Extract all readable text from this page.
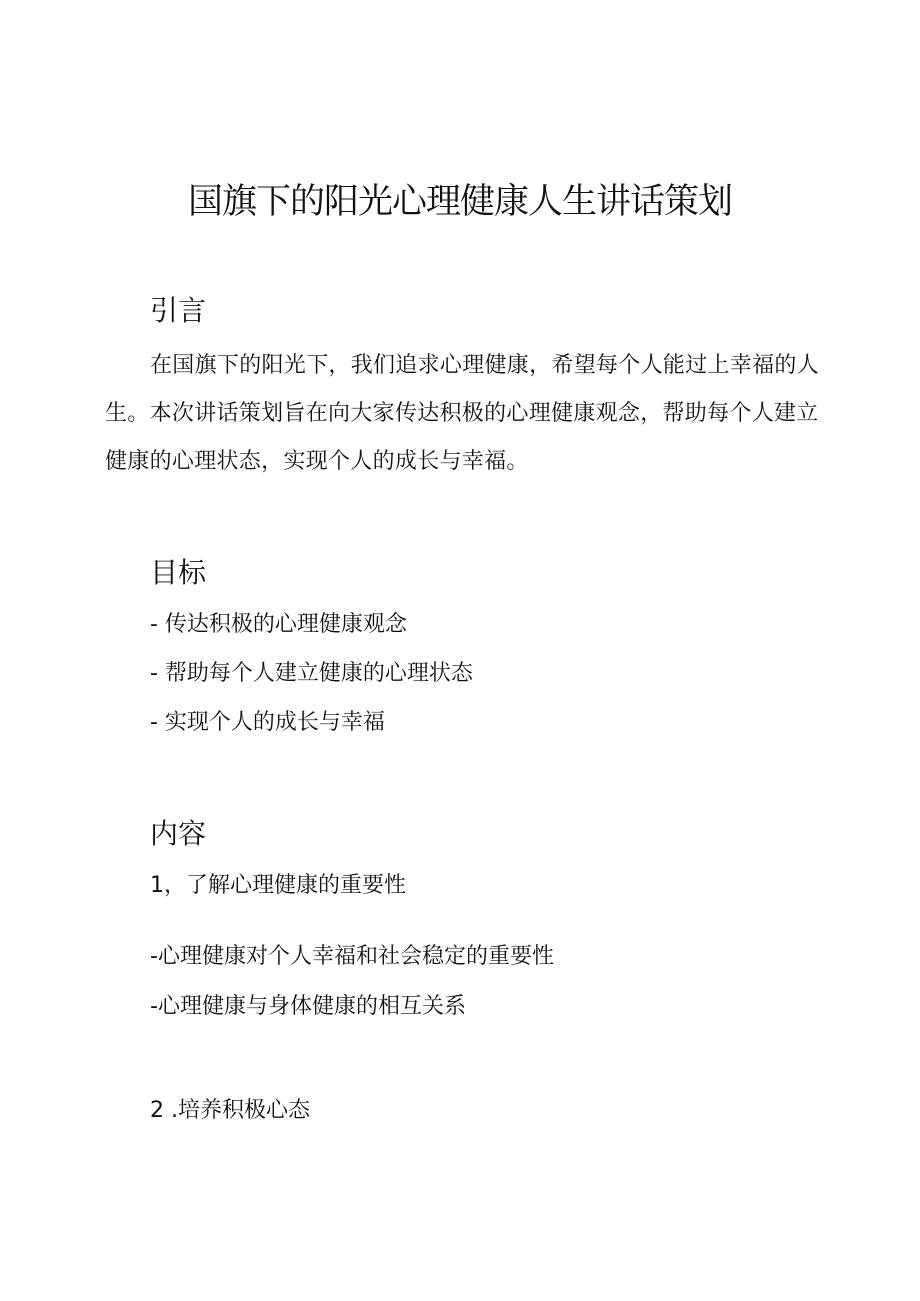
国旗下的阳光心理健康人生讲话策划
引言
在国旗下的阳光下，我们追求心理健康，希望每个人能过上幸福的人生。本次讲话策划旨在向大家传达积极的心理健康观念，帮助每个人建立健康的心理状态，实现个人的成长与幸福。
目标
- 传达积极的心理健康观念
- 帮助每个人建立健康的心理状态
- 实现个人的成长与幸福
内容
1，了解心理健康的重要性
-心理健康对个人幸福和社会稳定的重要性
-心理健康与身体健康的相互关系
2 .培养积极心态
